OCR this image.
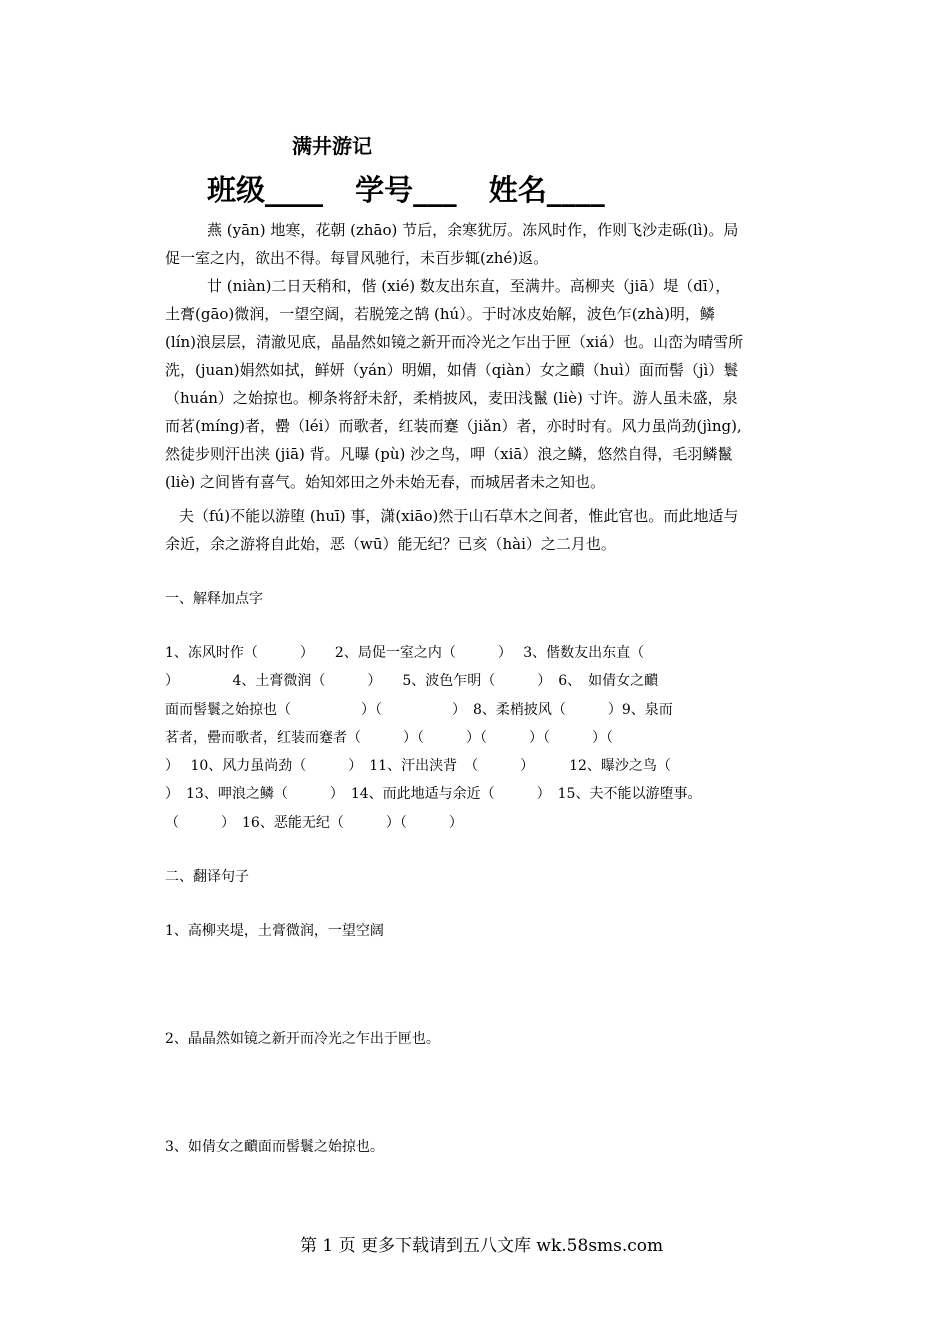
满井游记
班级____ 学号___ 姓名____
燕 (yān) 地寒，花朝 (zhāo) 节后，余寒犹厉。冻风时作，作则飞沙走砾(lì)。局
促一室之内，欲出不得。每冒风驰行，未百步辄(zhé)返。
廿 (niàn)二日天稍和，偕 (xié) 数友出东直，至满井。高柳夹（jiā）堤（dī），
土膏(gāo)微润，一望空阔，若脱笼之鹄 (hú）。于时冰皮始解，波色乍(zhà)明，鳞
(lín)浪层层，清澈见底，晶晶然如镜之新开而冷光之乍出于匣（xiá）也。山峦为晴雪所
洗，(juan)娟然如拭，鲜妍（yán）明媚，如倩（qiàn）女之靧（huì）面而髻（jì）鬟
（huán）之始掠也。柳条将舒未舒，柔梢披风，麦田浅鬣 (liè) 寸许。游人虽未盛，泉
而茗(míng)者，罍（léi）而歌者，红装而蹇（jiǎn）者，亦时时有。风力虽尚劲(jìng),
然徒步则汗出浃 (jiā) 背。凡曝 (pù) 沙之鸟，呷（xiā）浪之鳞，悠然自得，毛羽鳞鬣
(liè) 之间皆有喜气。始知郊田之外未始无春，而城居者未之知也。
夫（fú)不能以游堕 (huī) 事，潇(xiāo)然于山石草木之间者，惟此官也。而此地适与
余近，余之游将自此始，恶（wū）能无纪？已亥（hài）之二月也。
一、解释加点字
1、冻风时作（　　　）　　2、局促一室之内（　　　）　 3、偕数友出东直（
）　　　　 4、土膏微润（　　　）　　5、波色乍明（　　　）　6、　如倩女之靧
面而髻鬟之始掠也（　　　　　）（　　　　　）　8、柔梢披风（　　　）9、泉而
茗者，罍而歌者，红装而蹇者（　　　）（　　　）（　　　）（　　　）（
）　 10、风力虽尚劲（　　　）　11、汗出浃背　（　　　）　　　12、曝沙之鸟（
）　13、呷浪之鳞（　　　）　14、而此地适与余近（　　　）　15、夫不能以游堕事。
（　　　）　16、恶能无纪（　　　）（　　　）
二、翻译句子
1、高柳夹堤，土膏微润，一望空阔
2、晶晶然如镜之新开而冷光之乍出于匣也。
3、如倩女之靧面而髻鬟之始掠也。
第 1 页 更多下载请到五八文库 wk.58sms.com
